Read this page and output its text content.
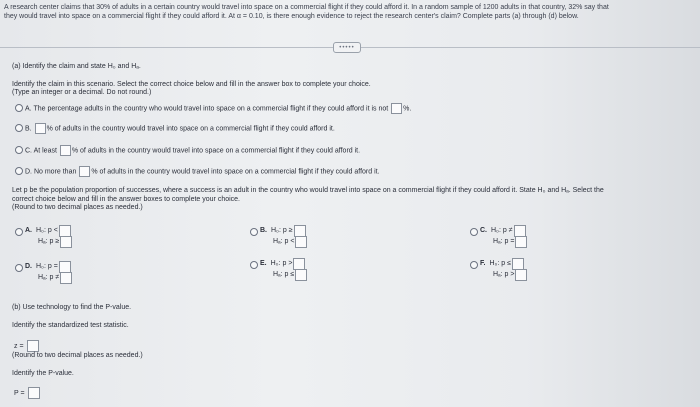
A research center claims that 30% of adults in a certain country would travel into space on a commercial flight if they could afford it. In a random sample of 1200 adults in that country, 32% say that
they would travel into space on a commercial flight if they could afford it. At α = 0.10, is there enough evidence to reject the research center's claim? Complete parts (a) through (d) below.
•••••
(a) Identify the claim and state H₀ and Hₐ.
Identify the claim in this scenario. Select the correct choice below and fill in the answer box to complete your choice.
(Type an integer or a decimal. Do not round.)
A. The percentage adults in the country who would travel into space on a commercial flight if they could afford it is not %.
B. % of adults in the country would travel into space on a commercial flight if they could afford it.
C. At least % of adults in the country would travel into space on a commercial flight if they could afford it.
D. No more than % of adults in the country would travel into space on a commercial flight if they could afford it.
Let p be the population proportion of successes, where a success is an adult in the country who would travel into space on a commercial flight if they could afford it. State H₀ and Hₐ. Select the
correct choice below and fill in the answer boxes to complete your choice.
(Round to two decimal places as needed.)
A. H₀: p <
Hₐ: p ≥
B. H₀: p ≥
Hₐ: p <
C. H₀: p ≠
Hₐ: p =
D. H₀: p =
Hₐ: p ≠
E. H₀: p >
Hₐ: p ≤
F. H₀: p ≤
Hₐ: p >
(b) Use technology to find the P-value.
Identify the standardized test statistic.
z =
(Round to two decimal places as needed.)
Identify the P-value.
P =
